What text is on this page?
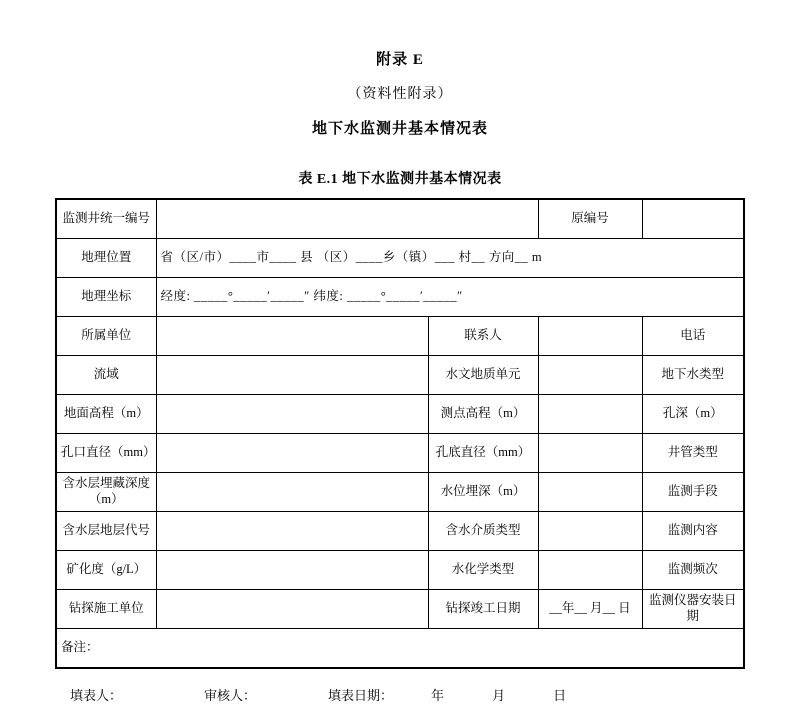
附录 E
（资料性附录）
地下水监测井基本情况表
表 E.1 地下水监测井基本情况表
监测井统一编号			原编号	
地理位置	省（区/市）____市____ 县 （区）____乡（镇）___ 村__ 方向__ m			
地理坐标	经度: _____°_____′_____″ 纬度: _____°_____′_____″			
所属单位		联系人		电话
流域		水文地质单元		地下水类型
地面高程（m）		测点高程（m）		孔深（m）
孔口直径（mm）		孔底直径（mm）		井管类型
含水层埋藏深度（m）		水位埋深（m）		监测手段
含水层地层代号		含水介质类型		监测内容
矿化度（g/L）		水化学类型		监测频次
钻探施工单位		钻探竣工日期	__年__ 月__ 日	监测仪器安装日期
备注：				
填表人：	审核人：	填表日期：	年	月	日
